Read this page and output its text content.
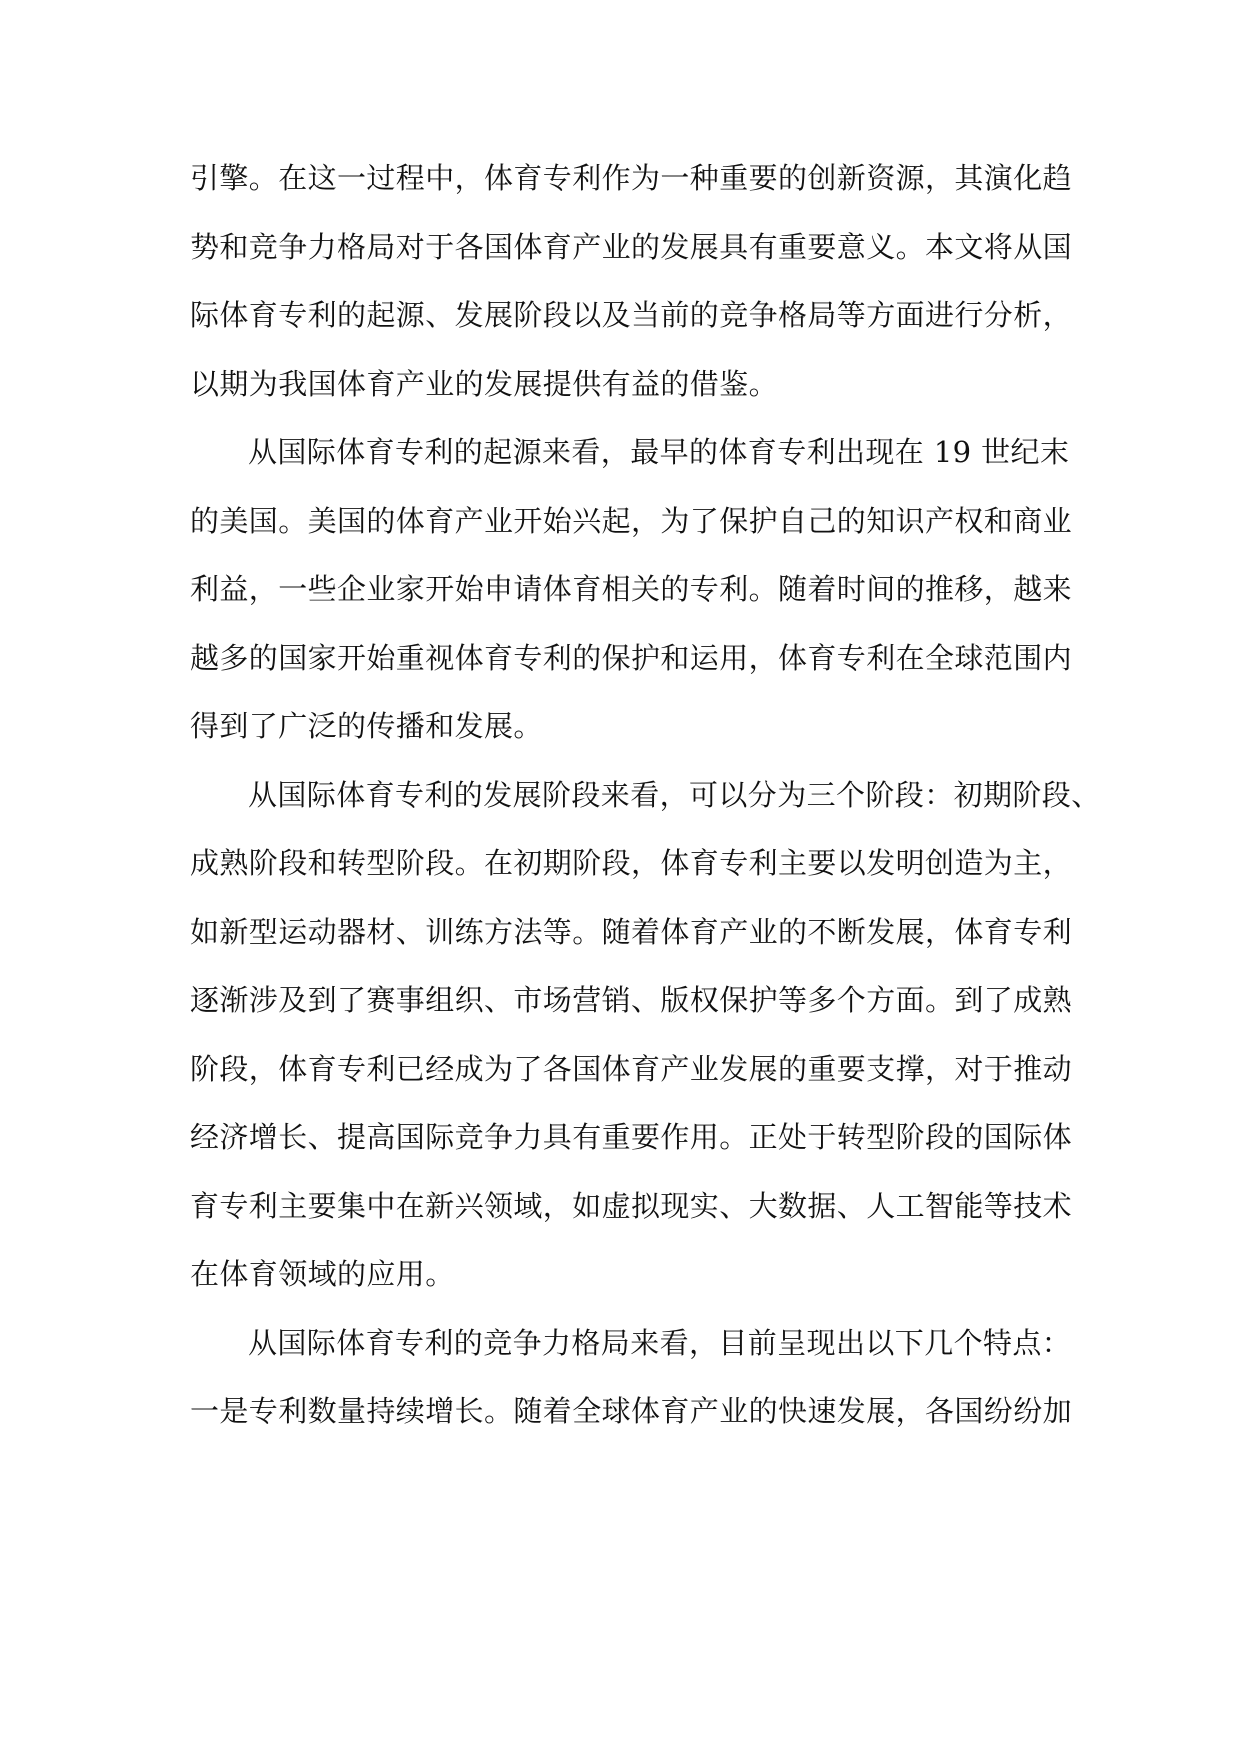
引擎。在这一过程中，体育专利作为一种重要的创新资源，其演化趋
势和竞争力格局对于各国体育产业的发展具有重要意义。本文将从国
际体育专利的起源、发展阶段以及当前的竞争格局等方面进行分析，
以期为我国体育产业的发展提供有益的借鉴。

从国际体育专利的起源来看，最早的体育专利出现在 19 世纪末
的美国。美国的体育产业开始兴起，为了保护自己的知识产权和商业
利益，一些企业家开始申请体育相关的专利。随着时间的推移，越来
越多的国家开始重视体育专利的保护和运用，体育专利在全球范围内
得到了广泛的传播和发展。

从国际体育专利的发展阶段来看，可以分为三个阶段：初期阶段、
成熟阶段和转型阶段。在初期阶段，体育专利主要以发明创造为主，
如新型运动器材、训练方法等。随着体育产业的不断发展，体育专利
逐渐涉及到了赛事组织、市场营销、版权保护等多个方面。到了成熟
阶段，体育专利已经成为了各国体育产业发展的重要支撑，对于推动
经济增长、提高国际竞争力具有重要作用。正处于转型阶段的国际体
育专利主要集中在新兴领域，如虚拟现实、大数据、人工智能等技术
在体育领域的应用。

从国际体育专利的竞争力格局来看，目前呈现出以下几个特点：
一是专利数量持续增长。随着全球体育产业的快速发展，各国纷纷加
